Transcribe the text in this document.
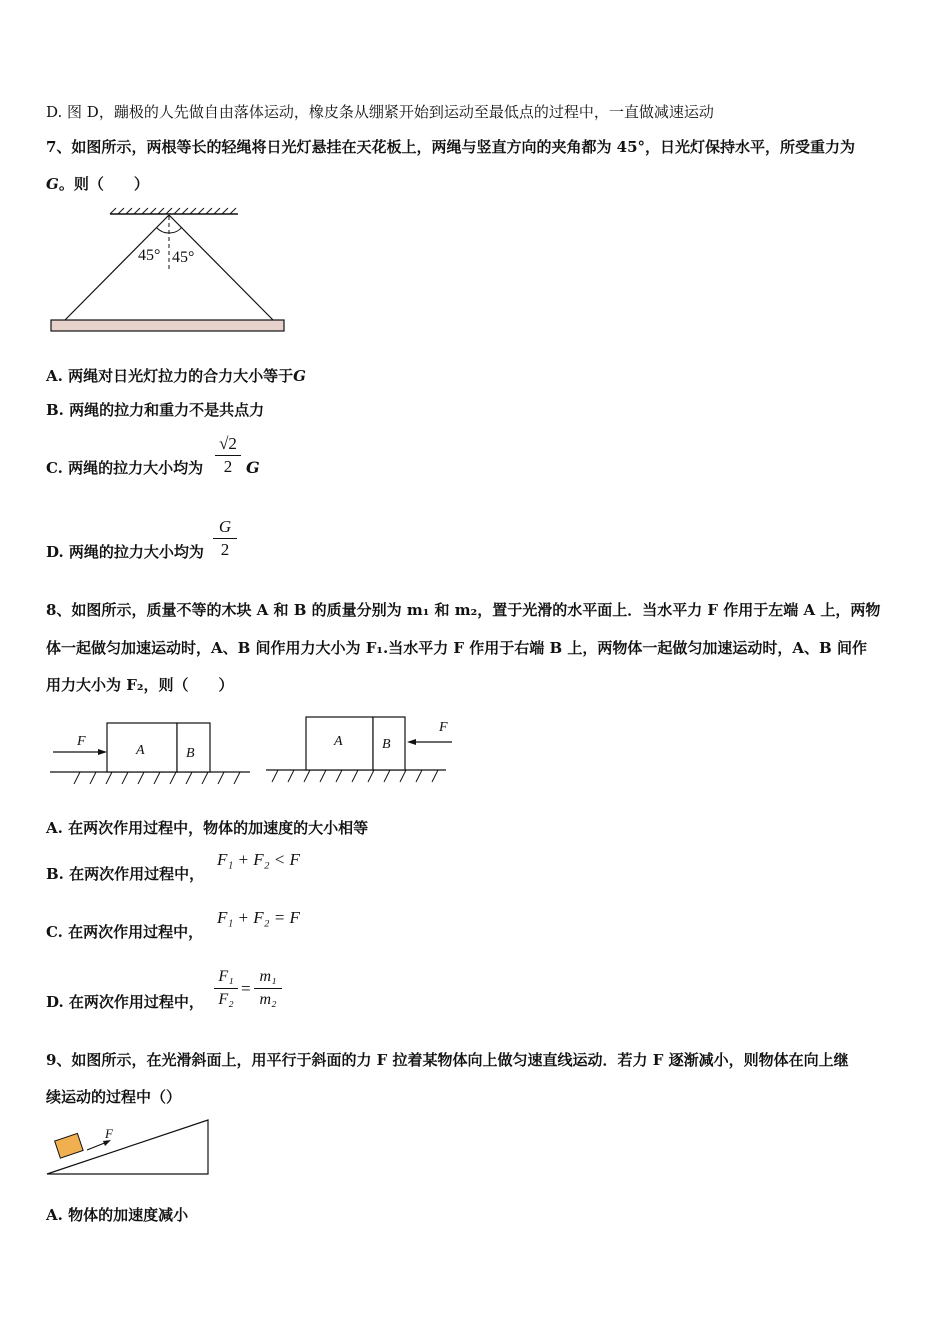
D. 图 D，蹦极的人先做自由落体运动，橡皮条从绷紧开始到运动至最低点的过程中，一直做减速运动
7、如图所示，两根等长的轻绳将日光灯悬挂在天花板上，两绳与竖直方向的夹角都为 45°，日光灯保持水平，所受重力为
G。则（　　）
45° 45°
A. 两绳对日光灯拉力的合力大小等于G
B. 两绳的拉力和重力不是共点力
C. 两绳的拉力大小均为 $\frac{√2}{2}$ G
D. 两绳的拉力大小均为 $\frac{G}{2}$
8、如图所示，质量不等的木块 A 和 B 的质量分别为 m₁ 和 m₂，置于光滑的水平面上．当水平力 F 作用于左端 A 上，两物
体一起做匀加速运动时，A、B 间作用力大小为 F₁.当水平力 F 作用于右端 B 上，两物体一起做匀加速运动时，A、B 间作
用力大小为 F₂，则（　　）
F
A	B
F
A	B
A. 在两次作用过程中，物体的加速度的大小相等
B. 在两次作用过程中，
F₁ + F₂ < F
C. 在两次作用过程中，
F₁ + F₂ = F
D. 在两次作用过程中， $\frac{\text{F₁}}{\text{F₂}} = \frac{\text{m₁}}{\text{m₂}}$
9、如图所示，在光滑斜面上，用平行于斜面的力 F 拉着某物体向上做匀速直线运动．若力 F 逐渐减小，则物体在向上继
续运动的过程中（）
F
A. 物体的加速度减小
